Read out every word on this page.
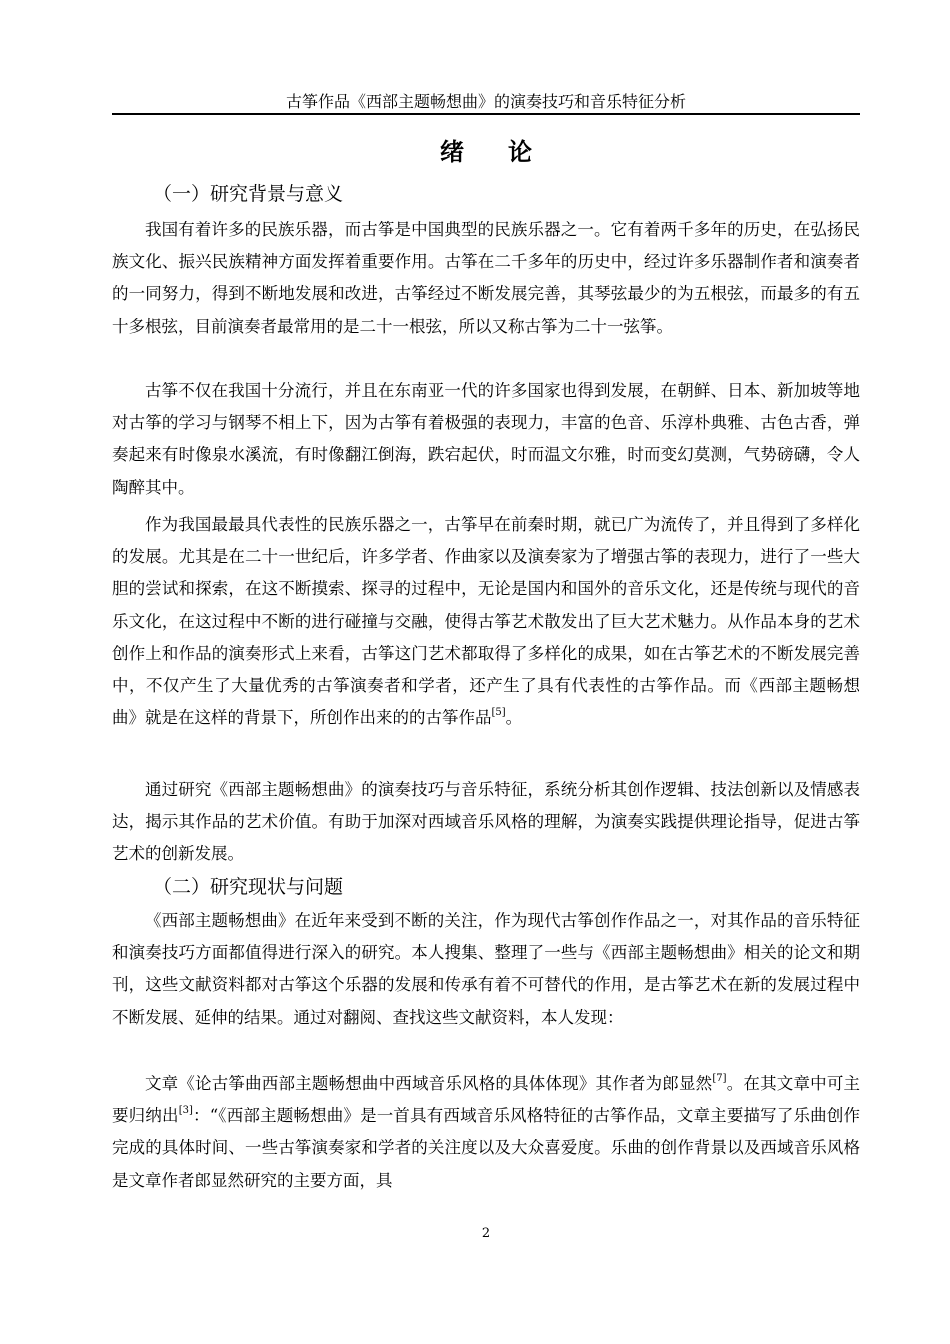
古筝作品《西部主题畅想曲》的演奏技巧和音乐特征分析
绪论
（一）研究背景与意义

我国有着许多的民族乐器，而古筝是中国典型的民族乐器之一。它有着两千多年的历史，在弘扬民族文化、振兴民族精神方面发挥着重要作用。古筝在二千多年的历史中，经过许多乐器制作者和演奏者的一同努力，得到不断地发展和改进，古筝经过不断发展完善，其琴弦最少的为五根弦，而最多的有五十多根弦，目前演奏者最常用的是二十一根弦，所以又称古筝为二十一弦筝。

古筝不仅在我国十分流行，并且在东南亚一代的许多国家也得到发展，在朝鲜、日本、新加坡等地对古筝的学习与钢琴不相上下，因为古筝有着极强的表现力，丰富的色音、乐淳朴典雅、古色古香，弹奏起来有时像泉水溪流，有时像翻江倒海，跌宕起伏，时而温文尔雅，时而变幻莫测，气势磅礴，令人陶醉其中。

作为我国最最具代表性的民族乐器之一，古筝早在前秦时期，就已广为流传了，并且得到了多样化的发展。尤其是在二十一世纪后，许多学者、作曲家以及演奏家为了增强古筝的表现力，进行了一些大胆的尝试和探索，在这不断摸索、探寻的过程中，无论是国内和国外的音乐文化，还是传统与现代的音乐文化，在这过程中不断的进行碰撞与交融，使得古筝艺术散发出了巨大艺术魅力。从作品本身的艺术创作上和作品的演奏形式上来看，古筝这门艺术都取得了多样化的成果，如在古筝艺术的不断发展完善中，不仅产生了大量优秀的古筝演奏者和学者，还产生了具有代表性的古筝作品。而《西部主题畅想曲》就是在这样的背景下，所创作出来的的古筝作品[5]。

通过研究《西部主题畅想曲》的演奏技巧与音乐特征，系统分析其创作逻辑、技法创新以及情感表达，揭示其作品的艺术价值。有助于加深对西域音乐风格的理解，为演奏实践提供理论指导，促进古筝艺术的创新发展。

（二）研究现状与问题

《西部主题畅想曲》在近年来受到不断的关注，作为现代古筝创作作品之一，对其作品的音乐特征和演奏技巧方面都值得进行深入的研究。本人搜集、整理了一些与《西部主题畅想曲》相关的论文和期刊，这些文献资料都对古筝这个乐器的发展和传承有着不可替代的作用，是古筝艺术在新的发展过程中不断发展、延伸的结果。通过对翻阅、查找这些文献资料，本人发现：

文章《论古筝曲西部主题畅想曲中西域音乐风格的具体体现》其作者为郎显然[7]。在其文章中可主要归纳出[3]：“《西部主题畅想曲》是一首具有西域音乐风格特征的古筝作品，文章主要描写了乐曲创作完成的具体时间、一些古筝演奏家和学者的关注度以及大众喜爱度。乐曲的创作背景以及西域音乐风格是文章作者郎显然研究的主要方面，具

2
